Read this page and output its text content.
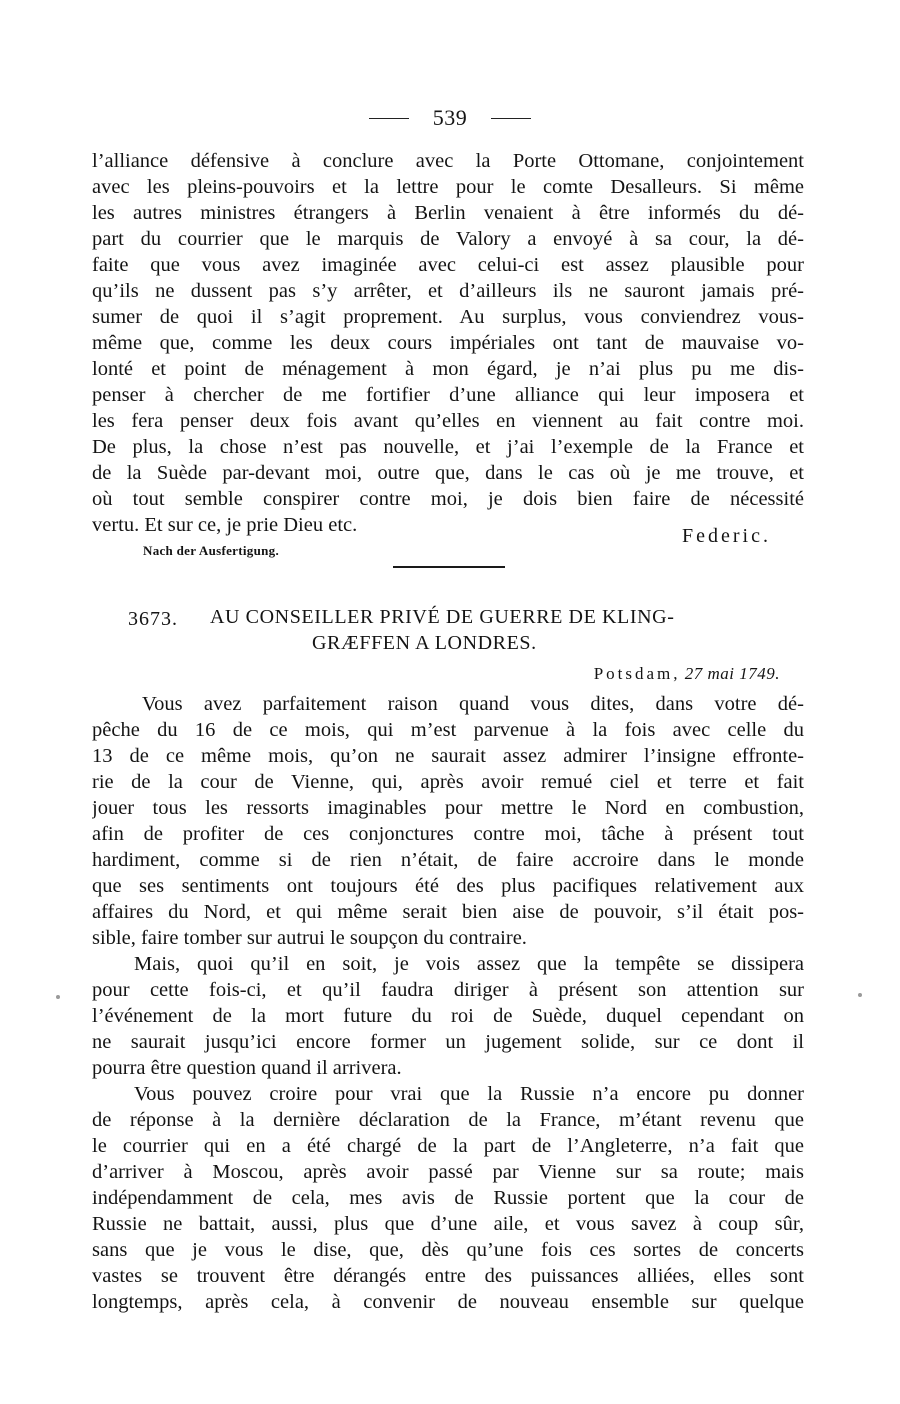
539
l’alliance défensive à conclure avec la Porte Ottomane, conjointement
avec les pleins-pouvoirs et la lettre pour le comte Desalleurs. Si même
les autres ministres étrangers à Berlin venaient à être informés du dé-
part du courrier que le marquis de Valory a envoyé à sa cour, la dé-
faite que vous avez imaginée avec celui-ci est assez plausible pour
qu’ils ne dussent pas s’y arrêter, et d’ailleurs ils ne sauront jamais pré-
sumer de quoi il s’agit proprement. Au surplus, vous conviendrez vous-
même que, comme les deux cours impériales ont tant de mauvaise vo-
lonté et point de ménagement à mon égard, je n’ai plus pu me dis-
penser à chercher de me fortifier d’une alliance qui leur imposera et
les fera penser deux fois avant qu’elles en viennent au fait contre moi.
De plus, la chose n’est pas nouvelle, et j’ai l’exemple de la France et
de la Suède par-devant moi, outre que, dans le cas où je me trouve, et
où tout semble conspirer contre moi, je dois bien faire de nécessité
vertu. Et sur ce, je prie Dieu etc.	Federic.
Nach der Ausfertigung.
3673. AU CONSEILLER PRIVÉ DE GUERRE DE KLING-
GRÆFFEN A LONDRES.
Potsdam, 27 mai 1749.
Vous avez parfaitement raison quand vous dites, dans votre dé-
pêche du 16 de ce mois, qui m’est parvenue à la fois avec celle du
13 de ce même mois, qu’on ne saurait assez admirer l’insigne effronte-
rie de la cour de Vienne, qui, après avoir remué ciel et terre et fait
jouer tous les ressorts imaginables pour mettre le Nord en combustion,
afin de profiter de ces conjonctures contre moi, tâche à présent tout
hardiment, comme si de rien n’était, de faire accroire dans le monde
que ses sentiments ont toujours été des plus pacifiques relativement aux
affaires du Nord, et qui même serait bien aise de pouvoir, s’il était pos-
sible, faire tomber sur autrui le soupçon du contraire.
Mais, quoi qu’il en soit, je vois assez que la tempête se dissipera
pour cette fois-ci, et qu’il faudra diriger à présent son attention sur
l’événement de la mort future du roi de Suède, duquel cependant on
ne saurait jusqu’ici encore former un jugement solide, sur ce dont il
pourra être question quand il arrivera.
Vous pouvez croire pour vrai que la Russie n’a encore pu donner
de réponse à la dernière déclaration de la France, m’étant revenu que
le courrier qui en a été chargé de la part de l’Angleterre, n’a fait que
d’arriver à Moscou, après avoir passé par Vienne sur sa route; mais
indépendamment de cela, mes avis de Russie portent que la cour de
Russie ne battait, aussi, plus que d’une aile, et vous savez à coup sûr,
sans que je vous le dise, que, dès qu’une fois ces sortes de concerts
vastes se trouvent être dérangés entre des puissances alliées, elles sont
longtemps, après cela, à convenir de nouveau ensemble sur quelque
